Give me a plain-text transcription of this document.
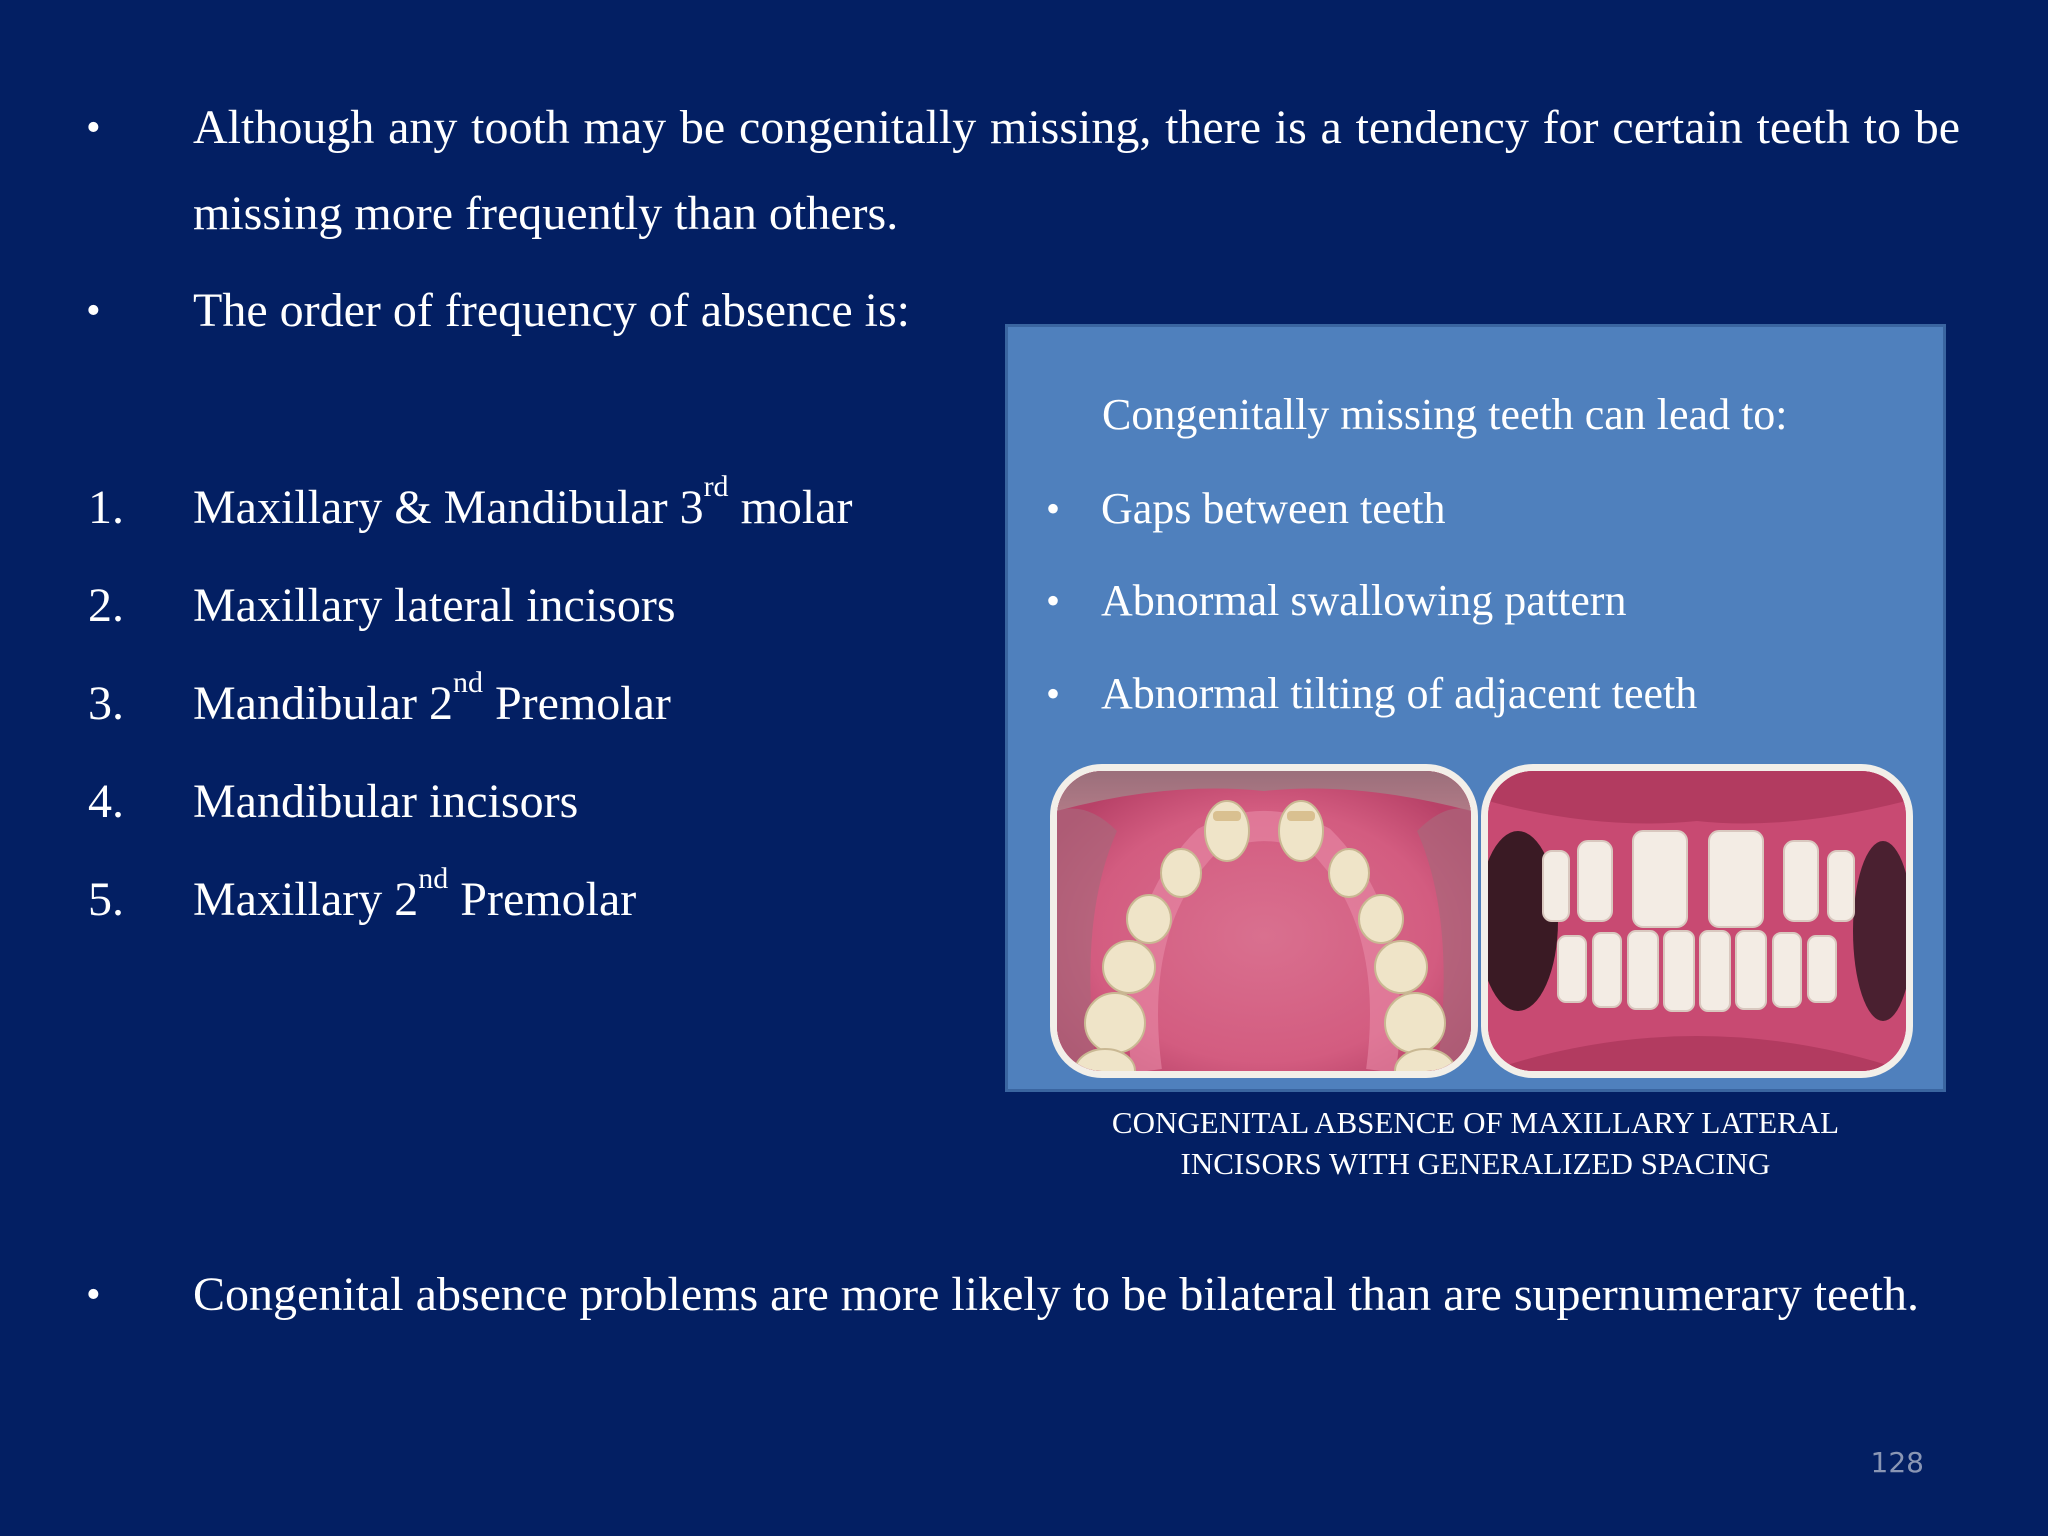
• Although any tooth may be congenitally missing, there is a tendency for certain teeth to be missing more frequently than others.
• The order of frequency of absence is:
1. Maxillary & Mandibular 3rd molar
2. Maxillary lateral incisors
3. Mandibular 2nd Premolar
4. Mandibular incisors
5. Maxillary 2nd Premolar
Congenitally missing teeth can lead to:
• Gaps between teeth
• Abnormal swallowing pattern
• Abnormal tilting of adjacent teeth
CONGENITAL ABSENCE OF MAXILLARY LATERAL
INCISORS WITH GENERALIZED SPACING
• Congenital absence problems are more likely to be bilateral than are supernumerary teeth.
128
